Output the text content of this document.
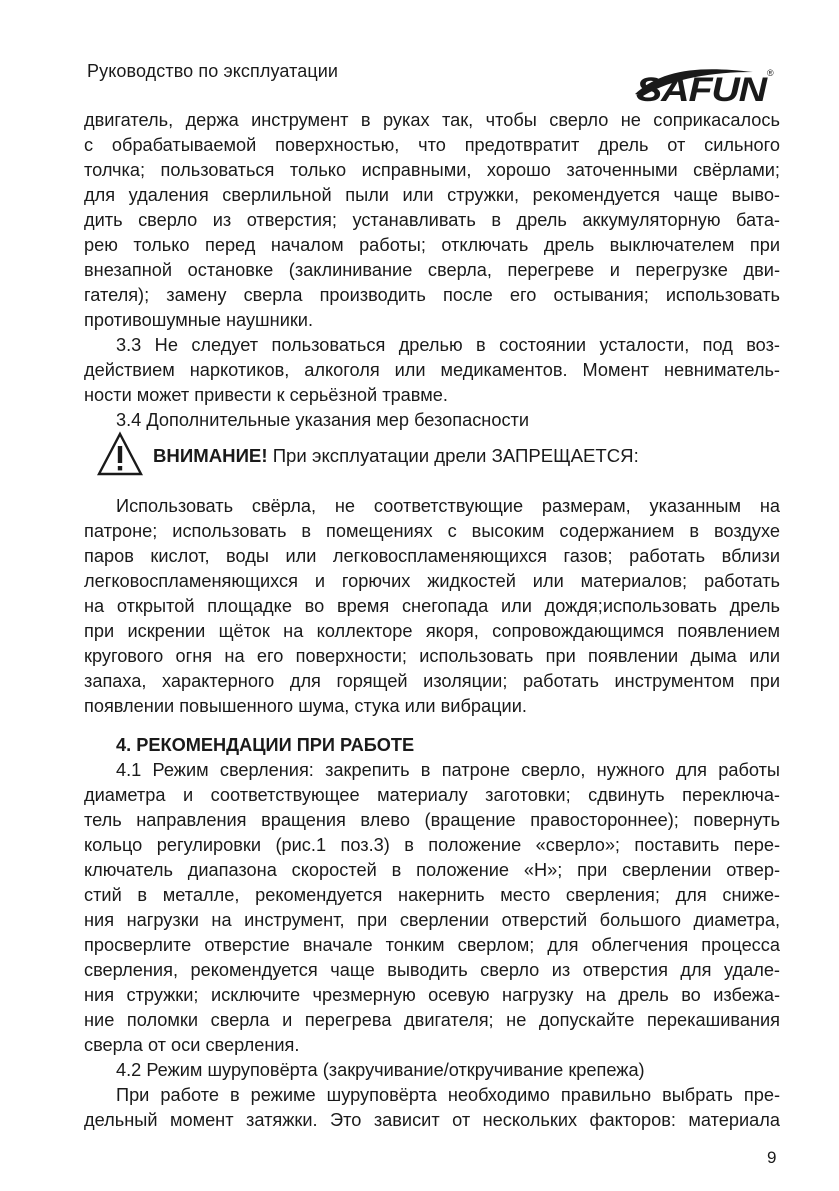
Руководство по эксплуатации	SAFUN
®
двигатель, держа инструмент в руках так, чтобы сверло не соприкасалось
с обрабатываемой поверхностью, что предотвратит дрель от сильного
толчка; пользоваться только исправными, хорошо заточенными свёрлами;
для удаления сверлильной пыли или стружки, рекомендуется чаще выво-
дить сверло из отверстия; устанавливать в дрель аккумуляторную бата-
рею только перед началом работы; отключать дрель выключателем при
внезапной остановке (заклинивание сверла, перегреве и перегрузке дви-
гателя); замену сверла производить после его остывания; использовать
противошумные наушники.
3.3 Не следует пользоваться дрелью в состоянии усталости, под воз-
действием наркотиков, алкоголя или медикаментов. Момент невниматель-
ности может привести к серьёзной травме.
3.4 Дополнительные указания мер безопасности
ВНИМАНИЕ! При эксплуатации дрели ЗАПРЕЩАЕТСЯ:
Использовать свёрла, не соответствующие размерам, указанным на
патроне; использовать в помещениях с высоким содержанием в воздухе
паров кислот, воды или легковоспламеняющихся газов; работать вблизи
легковоспламеняющихся и горючих жидкостей или материалов; работать
на открытой площадке во время снегопада или дождя;использовать дрель
при искрении щёток на коллекторе якоря, сопровождающимся появлением
кругового огня на его поверхности; использовать при появлении дыма или
запаха, характерного для горящей изоляции; работать инструментом при
появлении повышенного шума, стука или вибрации.
4. РЕКОМЕНДАЦИИ ПРИ РАБОТЕ
4.1 Режим сверления: закрепить в патроне сверло, нужного для работы
диаметра и соответствующее материалу заготовки; сдвинуть переключа-
тель направления вращения влево (вращение правостороннее); повернуть
кольцо регулировки (рис.1 поз.3) в положение «сверло»; поставить пере-
ключатель диапазона скоростей в положение «Н»; при сверлении отвер-
стий в металле, рекомендуется накернить место сверления; для сниже-
ния нагрузки на инструмент, при сверлении отверстий большого диаметра,
просверлите отверстие вначале тонким сверлом; для облегчения процесса
сверления, рекомендуется чаще выводить сверло из отверстия для удале-
ния стружки; исключите чрезмерную осевую нагрузку на дрель во избежа-
ние поломки сверла и перегрева двигателя; не допускайте перекашивания
сверла от оси сверления.
4.2 Режим шуруповёрта (закручивание/откручивание крепежа)
При работе в режиме шуруповёрта необходимо правильно выбрать пре-
дельный момент затяжки. Это зависит от нескольких факторов: материала
9
